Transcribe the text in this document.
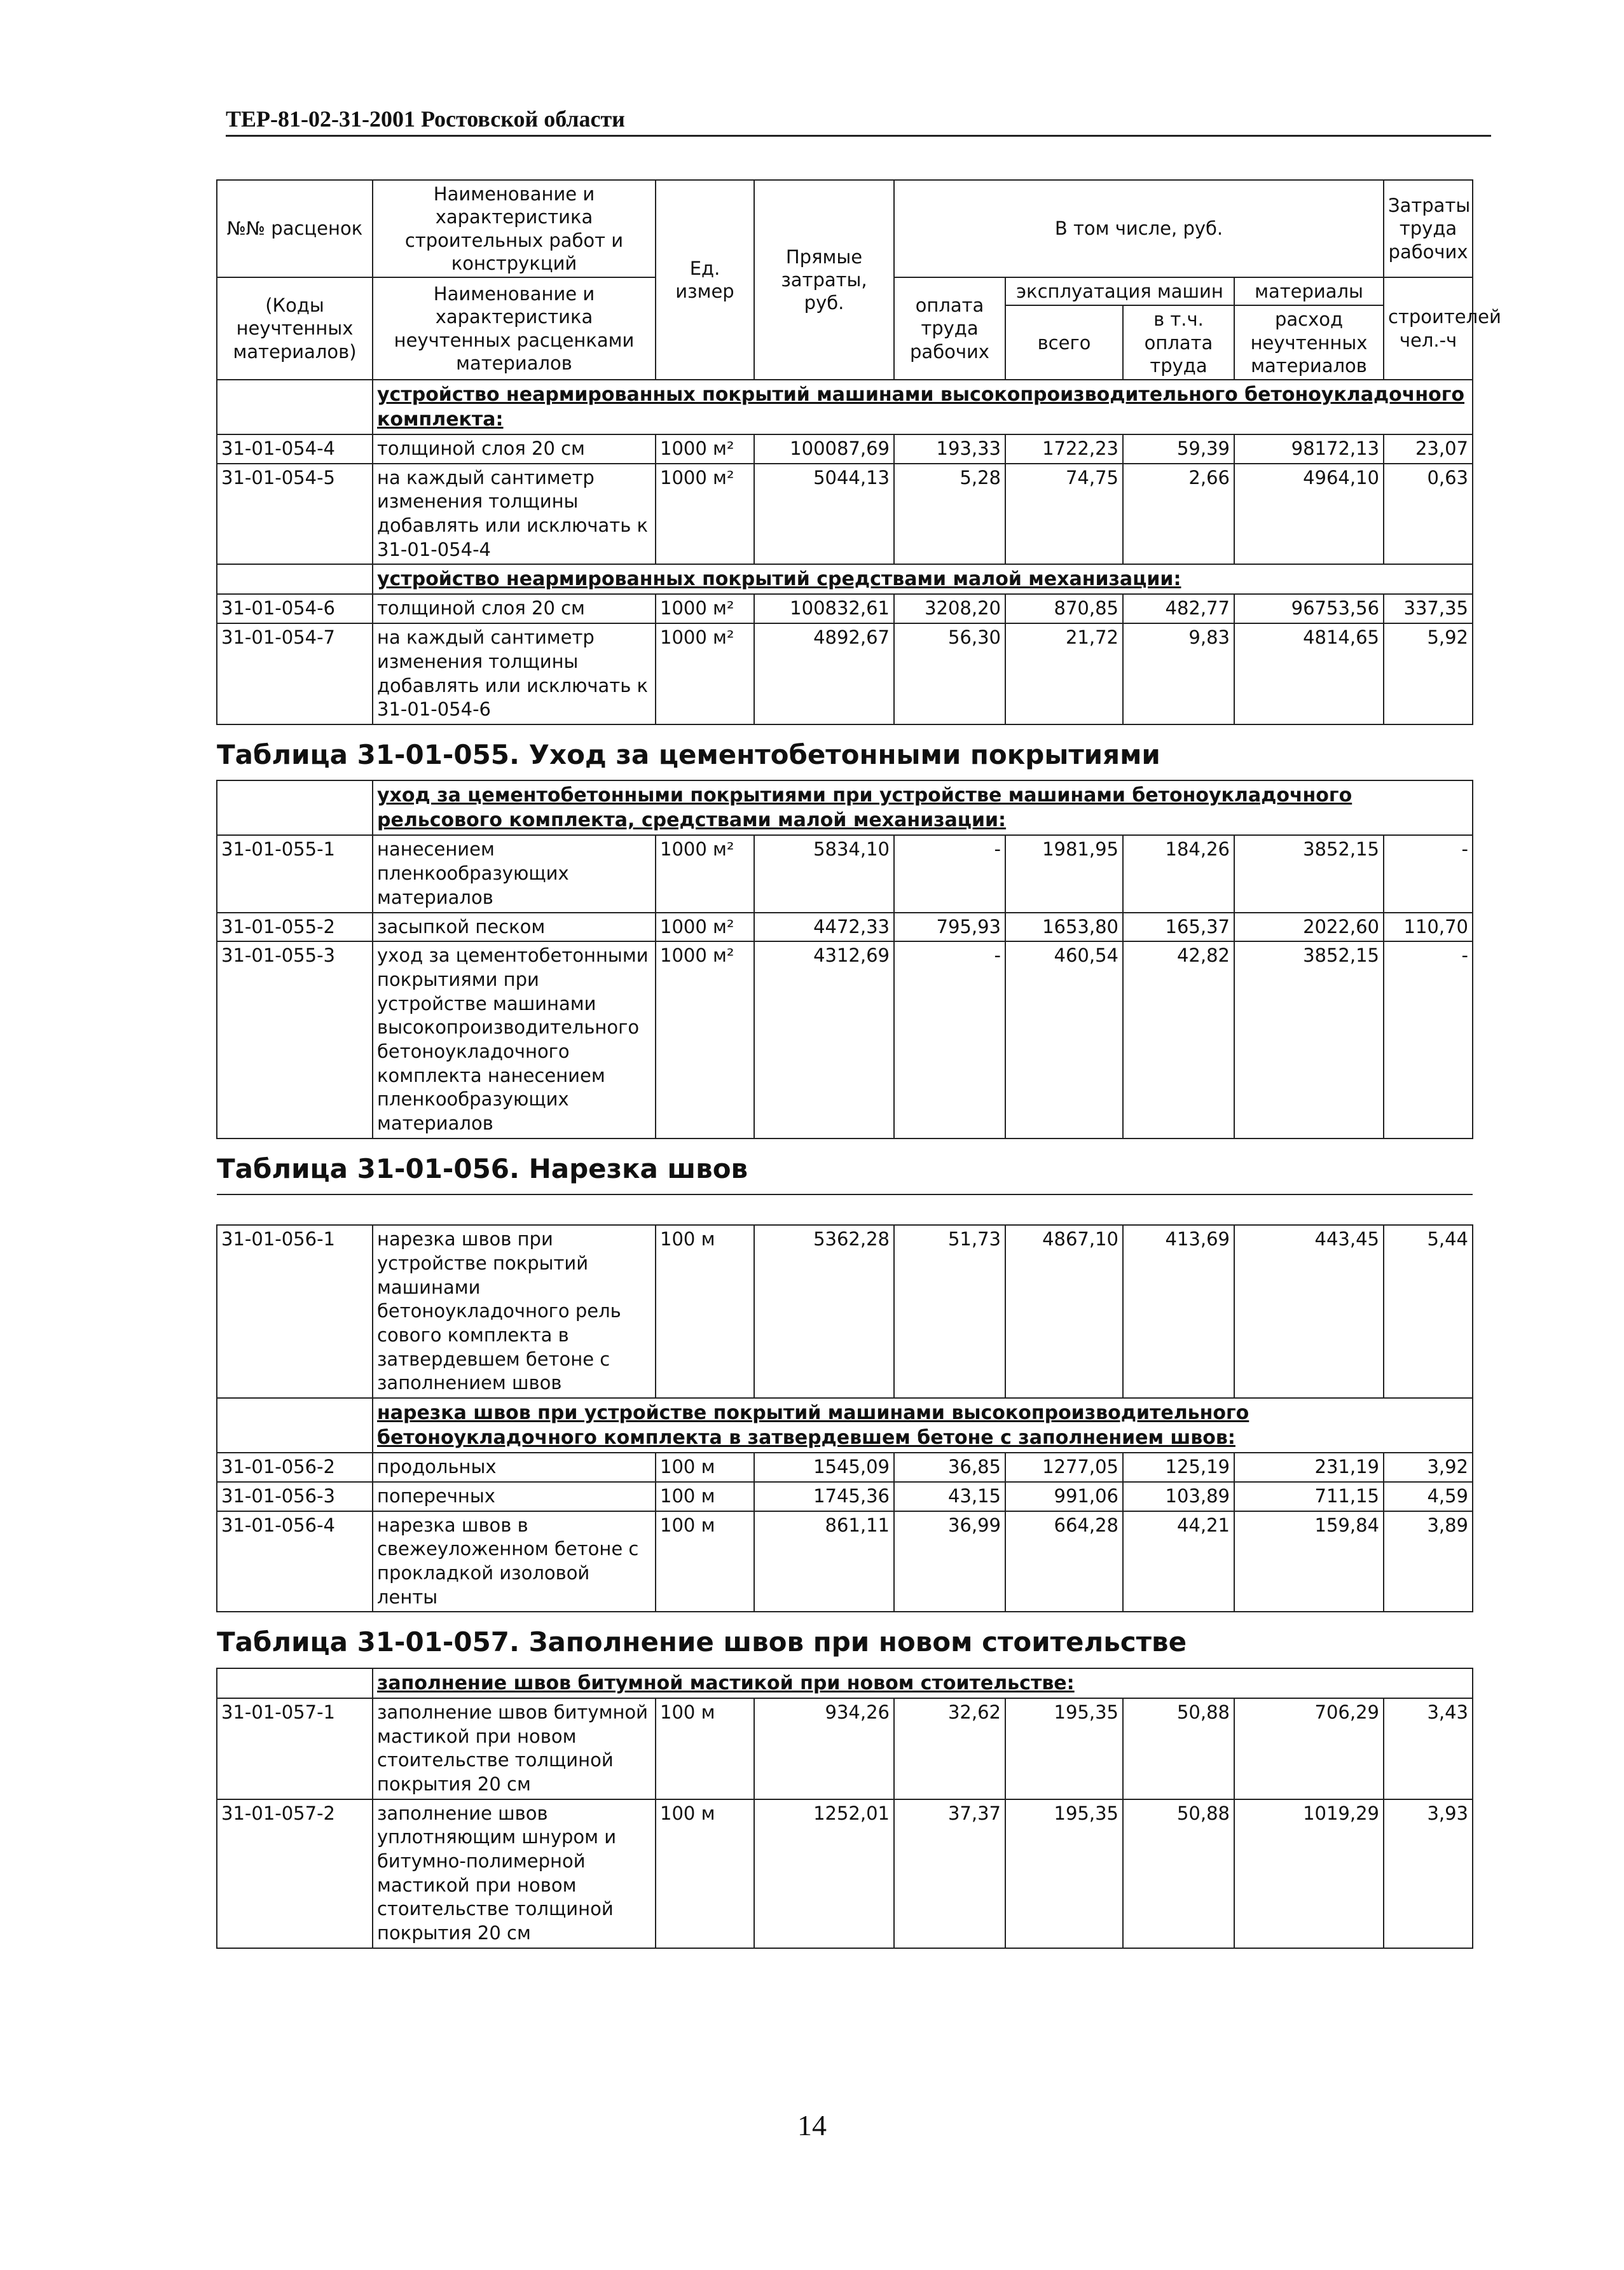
ТЕР-81-02-31-2001 Ростовской области
№№ расценок	Наименование и характеристика строительных работ и конструкций	Ед. измер	Прямые затраты, руб.	В том числе, руб.				Затраты труда рабочих
(Коды неучтенных материалов)	Наименование и характеристика неучтенных расценками материалов			оплата труда рабочих	эксплуатация машин		материалы	строителей чел.-ч
					всего	в т.ч. оплата труда	расход неучтенных материалов	
	устройство неармированных покрытий машинами высокопроизводительного бетоноукладочного комплекта:							
31-01-054-4	толщиной слоя 20 см	1000 м²	100087,69	193,33	1722,23	59,39	98172,13	23,07
31-01-054-5	на каждый сантиметр изменения толщины добавлять или исключать к 31-01-054-4	1000 м²	5044,13	5,28	74,75	2,66	4964,10	0,63
	устройство неармированных покрытий средствами малой механизации:							
31-01-054-6	толщиной слоя 20 см	1000 м²	100832,61	3208,20	870,85	482,77	96753,56	337,35
31-01-054-7	на каждый сантиметр изменения толщины добавлять или исключать к 31-01-054-6	1000 м²	4892,67	56,30	21,72	9,83	4814,65	5,92
Таблица 31-01-055. Уход за цементобетонными покрытиями								
	уход за цементобетонными покрытиями при устройстве машинами бетоноукладочного рельсового комплекта, средствами малой механизации:							
31-01-055-1	нанесением пленкообразующих материалов	1000 м²	5834,10	-	1981,95	184,26	3852,15	-
31-01-055-2	засыпкой песком	1000 м²	4472,33	795,93	1653,80	165,37	2022,60	110,70
31-01-055-3	уход за цементобетонными покрытиями при устройстве машинами высокопроизводительного бетоноукладочного комплекта нанесением пленкообразующих материалов	1000 м²	4312,69	-	460,54	42,82	3852,15	-
Таблица 31-01-056. Нарезка швов								

31-01-056-1	нарезка швов при устройстве покрытий машинами бетоноукладочного рель сового комплекта в затвердевшем бетоне с заполнением швов	100 м	5362,28	51,73	4867,10	413,69	443,45	5,44
	нарезка швов при устройстве покрытий машинами высокопроизводительного бетоноукладочного комплекта в затвердевшем бетоне с заполнением швов:							
31-01-056-2	продольных	100 м	1545,09	36,85	1277,05	125,19	231,19	3,92
31-01-056-3	поперечных	100 м	1745,36	43,15	991,06	103,89	711,15	4,59
31-01-056-4	нарезка швов в свежеуложенном бетоне с прокладкой изоловой ленты	100 м	861,11	36,99	664,28	44,21	159,84	3,89
Таблица 31-01-057. Заполнение швов при новом стоительстве								
	заполнение швов битумной мастикой при новом стоительстве:							
31-01-057-1	заполнение швов битумной мастикой при новом стоительстве толщиной покрытия 20 см	100 м	934,26	32,62	195,35	50,88	706,29	3,43
31-01-057-2	заполнение швов уплотняющим шнуром и битумно-полимерной мастикой при новом стоительстве толщиной покрытия 20 см	100 м	1252,01	37,37	195,35	50,88	1019,29	3,93
14
